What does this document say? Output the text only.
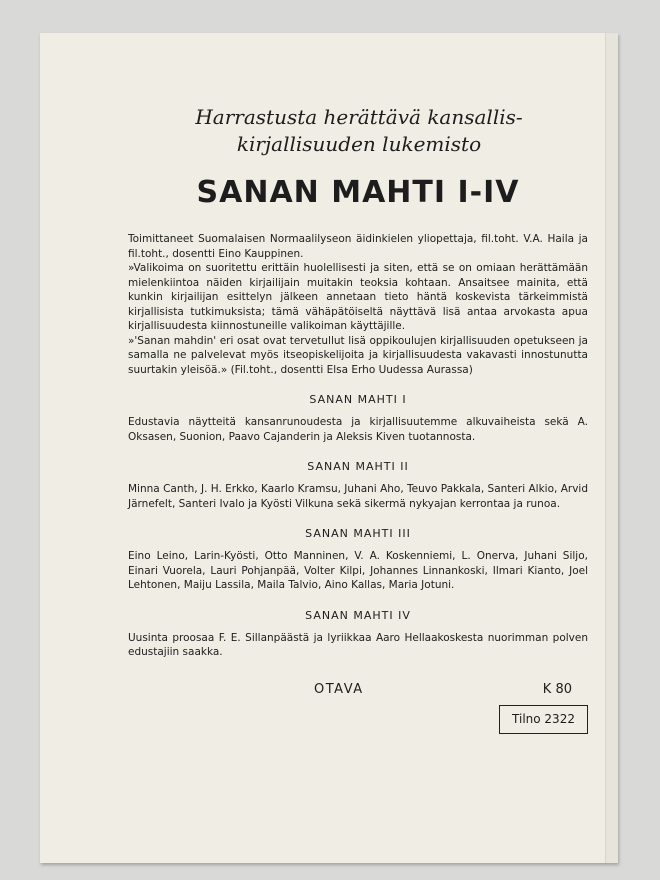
Harrastusta herättävä kansallis-
kirjallisuuden lukemisto

SANAN MAHTI I-IV

Toimittaneet Suomalaisen Normaalilyseon äidinkielen yliopettaja, fil.toht. V.A. Haila ja fil.toht., dosentti Eino Kauppinen.

»Valikoima on suoritettu erittäin huolellisesti ja siten, että se on omiaan herättämään mielenkiintoa näiden kirjailijain muitakin teoksia kohtaan. Ansaitsee mainita, että kunkin kirjailijan esittelyn jälkeen annetaan tieto häntä koskevista tärkeimmistä kirjallisista tutkimuksista; tämä vähäpätöiseltä näyttävä lisä antaa arvokasta apua kirjallisuudesta kiinnostuneille valikoiman käyttäjille.

»'Sanan mahdin' eri osat ovat tervetullut lisä oppikoulujen kirjallisuuden opetukseen ja samalla ne palvelevat myös itseopiskelijoita ja kirjallisuudesta vakavasti innostunutta suurtakin yleisöä.» (Fil.toht., dosentti Elsa Erho Uudessa Aurassa)

SANAN MAHTI I

Edustavia näytteitä kansanrunoudesta ja kirjallisuutemme alkuvaiheista sekä A. Oksasen, Suonion, Paavo Cajanderin ja Aleksis Kiven tuotannosta.

SANAN MAHTI II

Minna Canth, J. H. Erkko, Kaarlo Kramsu, Juhani Aho, Teuvo Pakkala, Santeri Alkio, Arvid Järnefelt, Santeri Ivalo ja Kyösti Vilkuna sekä sikermä nykyajan kerrontaa ja runoa.

SANAN MAHTI III

Eino Leino, Larin-Kyösti, Otto Manninen, V. A. Koskenniemi, L. Onerva, Juhani Siljo, Einari Vuorela, Lauri Pohjanpää, Volter Kilpi, Johannes Linnankoski, Ilmari Kianto, Joel Lehtonen, Maiju Lassila, Maila Talvio, Aino Kallas, Maria Jotuni.

SANAN MAHTI IV

Uusinta proosaa F. E. Sillanpäästä ja lyriikkaa Aaro Hellaakoskesta nuorimman polven edustajiin saakka.

OTAVA	K 80
Tilno 2322
